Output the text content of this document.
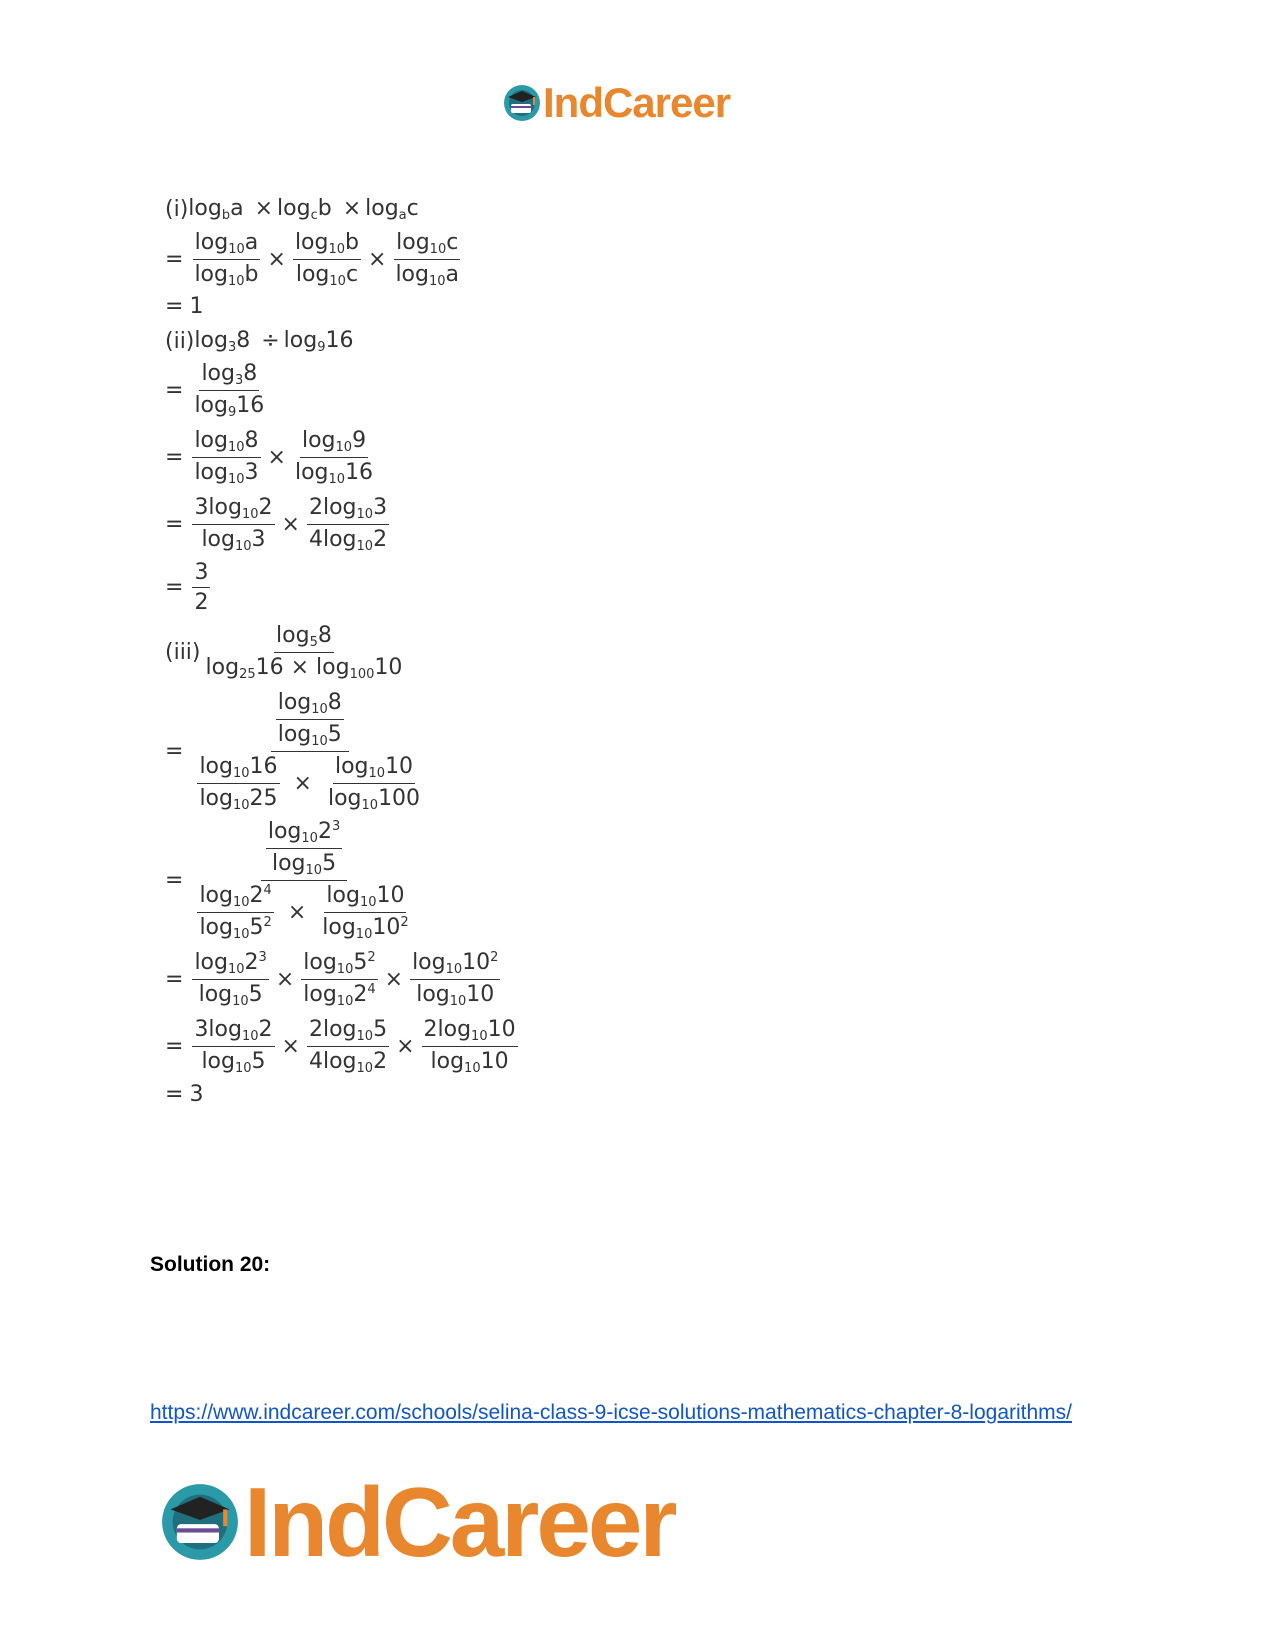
IndCareer
(i) $\log_ba \times \log_cb \times \log_ac$
= $\frac{\log_{10}a}{\log_{10}b} \times \frac{\log_{10}b}{\log_{10}c} \times \frac{\log_{10}c}{\log_{10}a}$
= 1
(ii) $\log_38 \div \log_916$
= $\frac{\log_38}{\log_916}$
= $\frac{\log_{10}8}{\log_{10}3} \times \frac{\log_{10}9}{\log_{10}16}$
= $\frac{3\log_{10}2}{\log_{10}3} \times \frac{2\log_{10}3}{4\log_{10}2}$
= $\frac{3}{2}$
$(iii) \frac{\log_58}{\log_{25}16 \times \log_{100}10}$
= $\frac{\frac{\log_{10}8}{\log_{10}5}}{\frac{\log_{10}16}{\log_{10}25} \times \frac{\log_{10}10}{\log_{10}100}}$
= $\frac{\frac{\log_{10}2^3}{\log_{10}5}}{\frac{\log_{10}2^4}{\log_{10}5^2} \times \frac{\log_{10}10}{\log_{10}10^2}}$
= $\frac{\log_{10}2^3}{\log_{10}5} \times \frac{\log_{10}5^2}{\log_{10}2^4} \times \frac{\log_{10}10^2}{\log_{10}10}$
= $\frac{3\log_{10}2}{\log_{10}5} \times \frac{2\log_{10}5}{4\log_{10}2} \times \frac{2\log_{10}10}{\log_{10}10}$
= 3
Solution 20:
https://www.indcareer.com/schools/selina-class-9-icse-solutions-mathematics-chapter-8-logarithms/
IndCareer
